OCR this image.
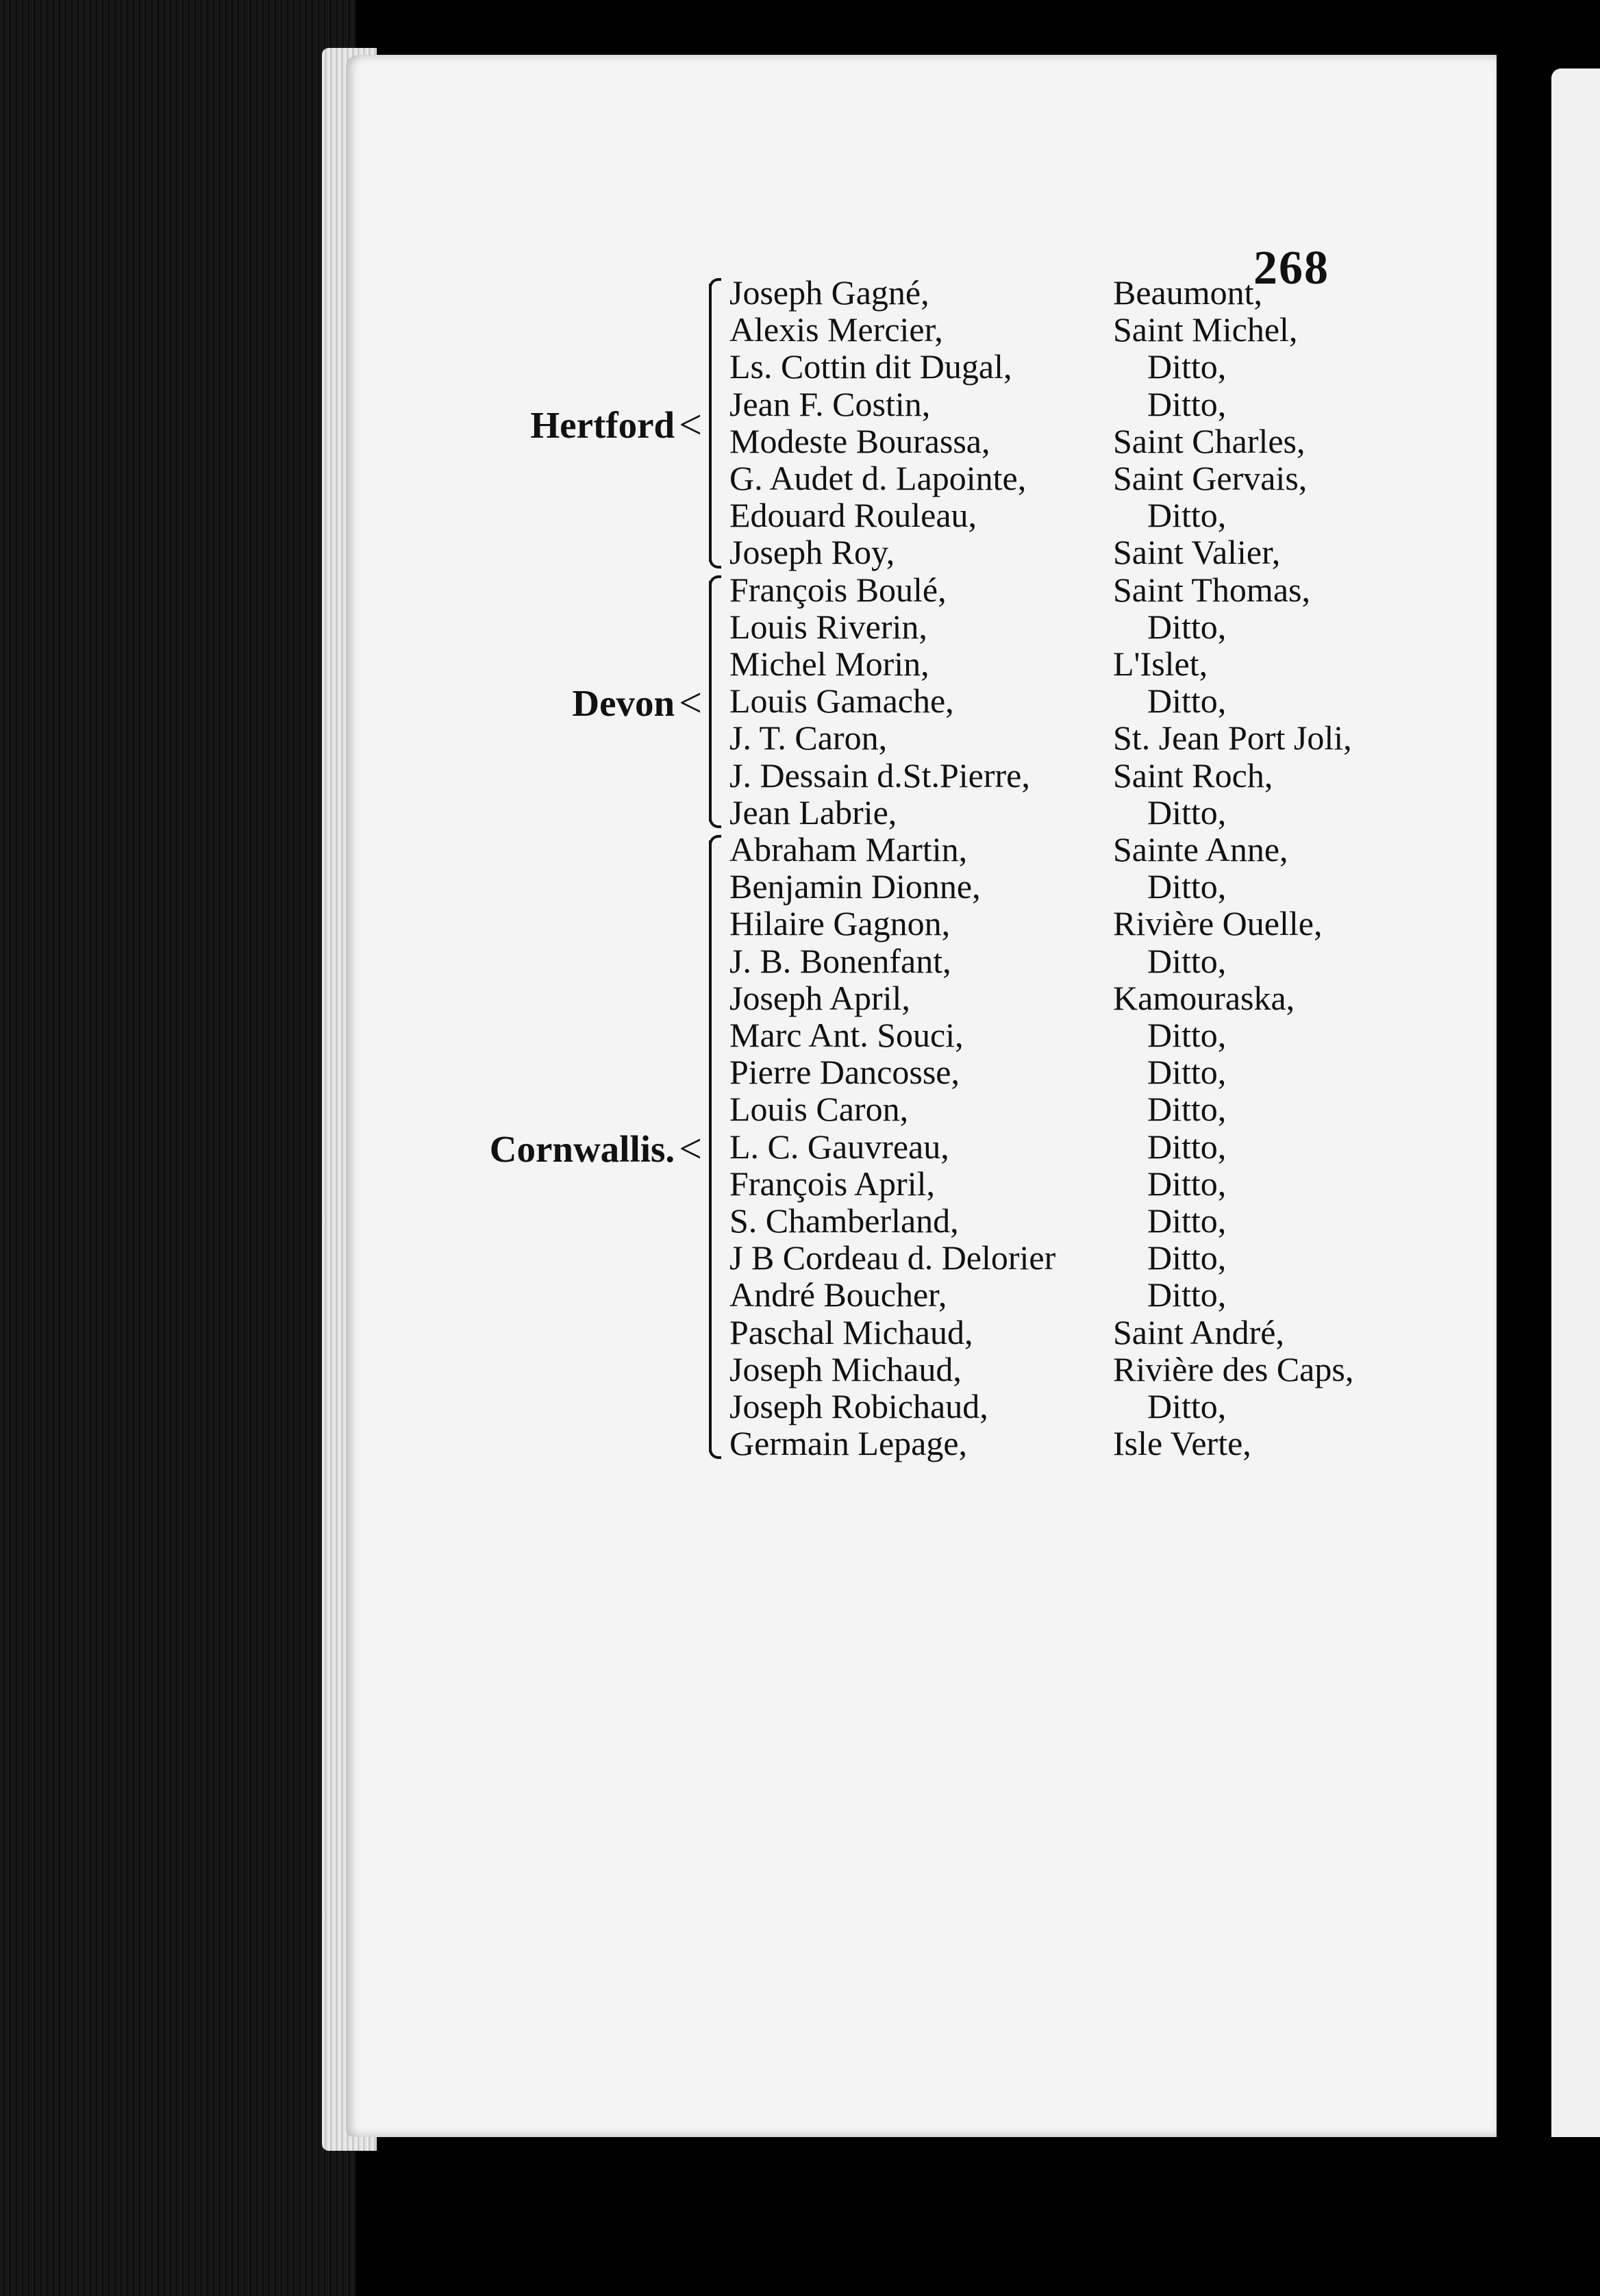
268
Hertford <
Joseph Gagné,	Beaumont,
Alexis Mercier,	Saint Michel,
Ls. Cottin dit Dugal,	Ditto,
Jean F. Costin,	Ditto,
Modeste Bourassa,	Saint Charles,
G. Audet d. Lapointe,	Saint Gervais,
Edouard Rouleau,	Ditto,
Joseph Roy,	Saint Valier,
Devon <
François Boulé,	Saint Thomas,
Louis Riverin,	Ditto,
Michel Morin,	L'Islet,
Louis Gamache,	Ditto,
J. T. Caron,	St. Jean Port Joli,
J. Dessain d.St.Pierre, Saint Roch,
Jean Labrie,	Ditto,
Cornwallis. <
Abraham Martin,	Sainte Anne,
Benjamin Dionne,	Ditto,
Hilaire Gagnon,	Rivière Ouelle,
J. B. Bonenfant,	Ditto,
Joseph April,	Kamouraska,
Marc Ant. Souci,	Ditto,
Pierre Dancosse,	Ditto,
Louis Caron,	Ditto,
L. C. Gauvreau,	Ditto,
François April,	Ditto,
S. Chamberland,	Ditto,
J B Cordeau d. Delorier	Ditto,
André Boucher,	Ditto,
Paschal Michaud,	Saint André,
Joseph Michaud,	Rivière des Caps,
Joseph Robichaud,	Ditto,
Germain Lepage,	Isle Verte,
